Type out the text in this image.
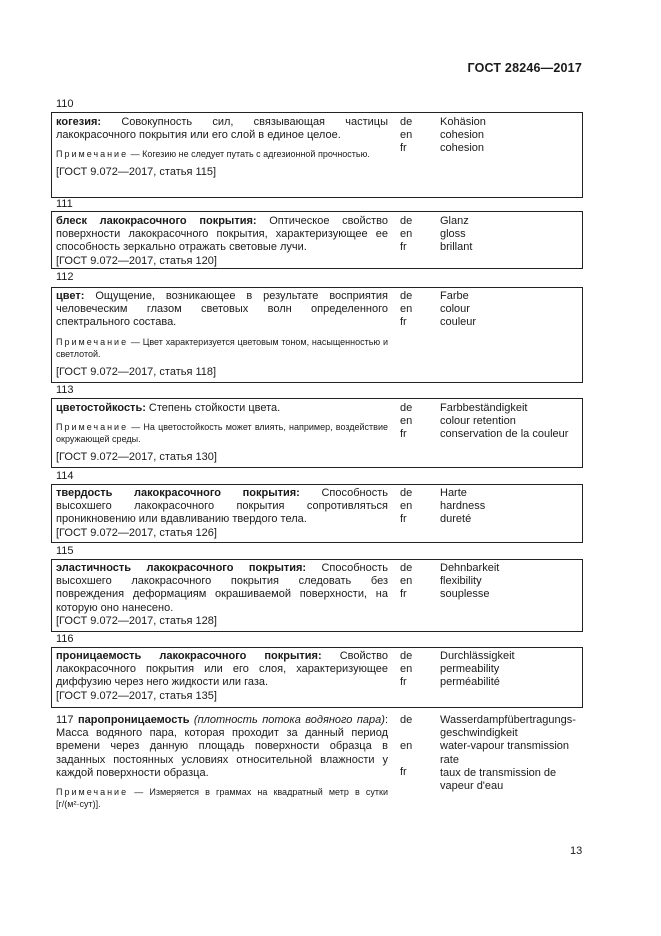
ГОСТ 28246—2017
110
когезия: Совокупность сил, связывающая частицы лакокрасочного покрытия или его слой в единое целое.
Примечание — Когезию не следует путать с адгезионной прочностью.
[ГОСТ 9.072—2017, статья 115]
de
en
fr
Kohäsion
cohesion
cohesion
111
блеск лакокрасочного покрытия: Оптическое свойство поверхности лакокрасочного покрытия, характеризующее ее способность зеркально отражать световые лучи.
[ГОСТ 9.072—2017, статья 120]
de
en
fr
Glanz
gloss
brillant
112
цвет: Ощущение, возникающее в результате восприятия человеческим глазом световых волн определенного спектрального состава.
Примечание — Цвет характеризуется цветовым тоном, насыщенностью и светлотой.
[ГОСТ 9.072—2017, статья 118]
de
en
fr
Farbe
colour
couleur
113
цветостойкость: Степень стойкости цвета.
Примечание — На цветостойкость может влиять, например, воздействие окружающей среды.
[ГОСТ 9.072—2017, статья 130]
de
en
fr
Farbbeständigkeit
colour retention
conservation de la couleur
114
твердость лакокрасочного покрытия: Способность высохшего лакокрасочного покрытия сопротивляться проникновению или вдавливанию твердого тела.
[ГОСТ 9.072—2017, статья 126]
de
en
fr
Harte
hardness
dureté
115
эластичность лакокрасочного покрытия: Способность высохшего лакокрасочного покрытия следовать без повреждения деформациям окрашиваемой поверхности, на которую оно нанесено.
[ГОСТ 9.072—2017, статья 128]
de
en
fr
Dehnbarkeit
flexibility
souplesse
116
проницаемость лакокрасочного покрытия: Свойство лакокрасочного покрытия или его слоя, характеризующее диффузию через него жидкости или газа.
[ГОСТ 9.072—2017, статья 135]
de
en
fr
Durchlässigkeit
permeability
perméabilité
117 паропроницаемость (плотность потока водяного пара): Масса водяного пара, которая проходит за данный период времени через данную площадь поверхности образца в заданных постоянных условиях относительной влажности у каждой поверхности образца.
Примечание — Измеряется в граммах на квадратный метр в сутки [г/(м²·сут)].
de
en
fr
Wasserdampfübertragungs-geschwindigkeit
water-vapour transmission rate
taux de transmission de vapeur d'eau
13
